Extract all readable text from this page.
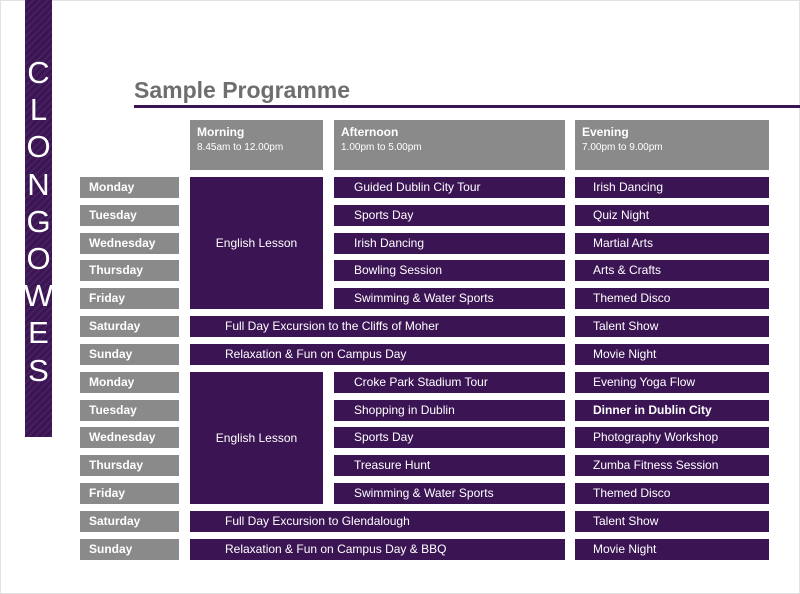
C
L
O
N
G
O
W
E
S
Sample Programme
Morning
8.45am to 12.00pm
Afternoon
1.00pm to 5.00pm
Evening
7.00pm to 9.00pm
English Lesson
Monday	Guided Dublin City Tour	Irish Dancing
Tuesday	Sports Day	Quiz Night
Wednesday	Irish Dancing	Martial Arts
Thursday	Bowling Session	Arts & Crafts
Friday	Swimming & Water Sports	Themed Disco
Saturday	Full Day Excursion to the Cliffs of Moher	Talent Show
Sunday	Relaxation & Fun on Campus Day	Movie Night
English Lesson
Monday	Croke Park Stadium Tour	Evening Yoga Flow
Tuesday	Shopping in Dublin	Dinner in Dublin City
Wednesday	Sports Day	Photography Workshop
Thursday	Treasure Hunt	Zumba Fitness Session
Friday	Swimming & Water Sports	Themed Disco
Saturday	Full Day Excursion to Glendalough	Talent Show
Sunday	Relaxation & Fun on Campus Day & BBQ	Movie Night
